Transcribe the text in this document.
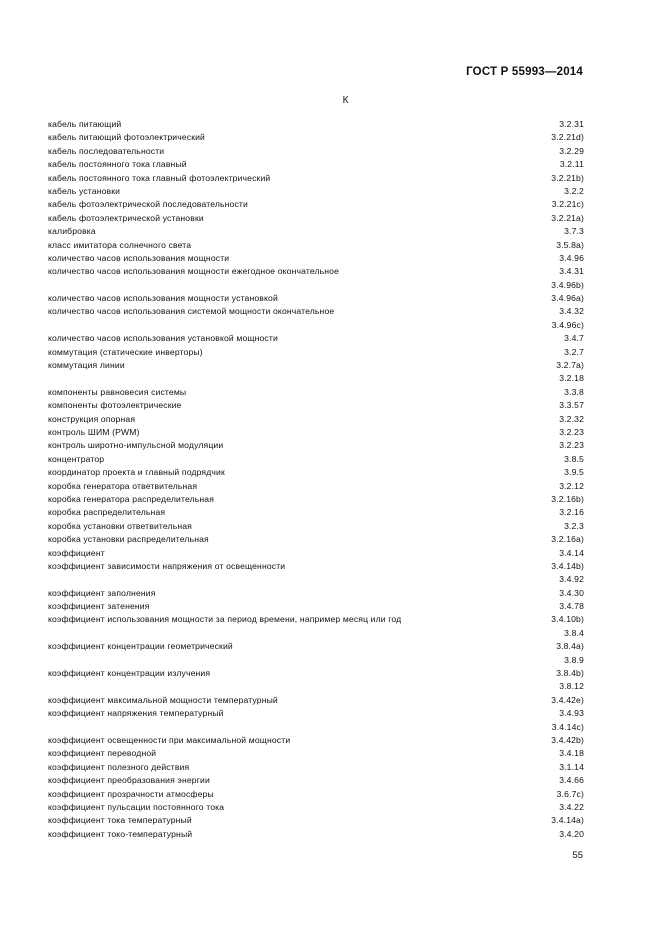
ГОСТ Р 55993—2014
К
кабель питающий	3.2.31
кабель питающий фотоэлектрический	3.2.21d)
кабель последовательности	3.2.29
кабель постоянного тока главный	3.2.11
кабель постоянного тока главный фотоэлектрический	3.2.21b)
кабель установки	3.2.2
кабель фотоэлектрической последовательности	3.2.21c)
кабель фотоэлектрической установки	3.2.21a)
калибровка	3.7.3
класс имитатора солнечного света	3.5.8a)
количество часов использования мощности	3.4.96
количество часов использования мощности ежегодное окончательное	3.4.31
3.4.96b)
количество часов использования мощности установкой	3.4.96a)
количество часов использования системой мощности окончательное	3.4.32
3.4.96c)
количество часов использования установкой мощности	3.4.7
коммутация (статические инверторы)	3.2.7
коммутация линии	3.2.7a)
3.2.18
компоненты равновесия системы	3.3.8
компоненты фотоэлектрические	3.3.57
конструкция опорная	3.2.32
контроль ШИМ (PWM)	3.2.23
контроль широтно-импульсной модуляции	3.2.23
концентратор	3.8.5
координатор проекта и главный подрядчик	3.9.5
коробка генератора ответвительная	3.2.12
коробка генератора распределительная	3.2.16b)
коробка распределительная	3.2.16
коробка установки ответвительная	3.2.3
коробка установки распределительная	3.2.16a)
коэффициент	3.4.14
коэффициент зависимости напряжения от освещенности	3.4.14b)
3.4.92
коэффициент заполнения	3.4.30
коэффициент затенения	3.4.78
коэффициент использования мощности за период времени, например месяц или год	3.4.10b)
3.8.4
коэффициент концентрации геометрический	3.8.4a)
3.8.9
коэффициент концентрации излучения	3.8.4b)
3.8.12
коэффициент максимальной мощности температурный	3.4.42e)
коэффициент напряжения температурный	3.4.93
3.4.14c)
коэффициент освещенности при максимальной мощности	3.4.42b)
коэффициент переводной	3.4.18
коэффициент полезного действия	3.1.14
коэффициент преобразования энергии	3.4.66
коэффициент прозрачности атмосферы	3.6.7c)
коэффициент пульсации постоянного тока	3.4.22
коэффициент тока температурный	3.4.14a)
коэффициент токо-температурный	3.4.20
55
